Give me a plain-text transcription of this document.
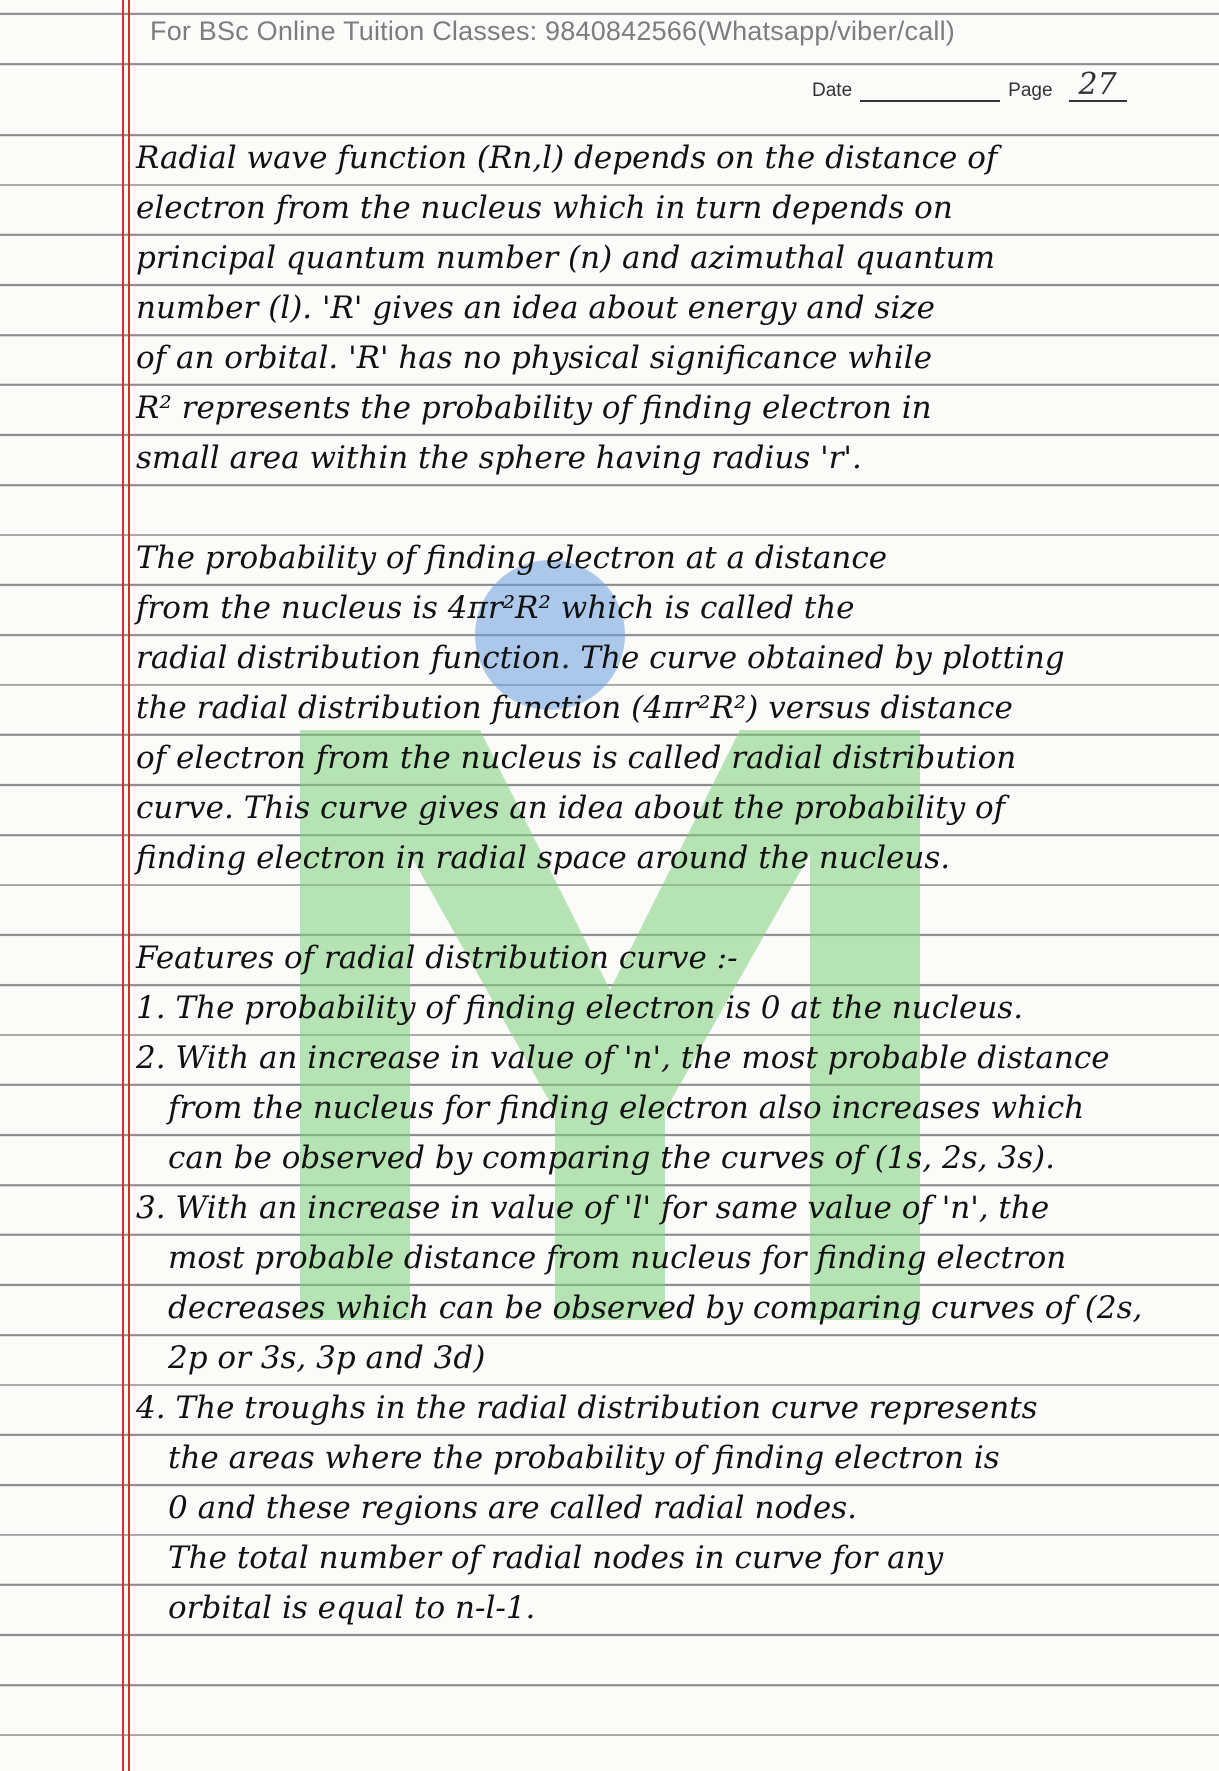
For BSc Online Tuition Classes: 9840842566(Whatsapp/viber/call)
Date	Page 27
Radial wave function (Rn,l) depends on the distance of
electron from the nucleus which in turn depends on
principal quantum number (n) and azimuthal quantum
number (l). 'R' gives an idea about energy and size
of an orbital. 'R' has no physical significance while
R² represents the probability of finding electron in
small area within the sphere having radius 'r'.
The probability of finding electron at a distance
from the nucleus is 4πr²R² which is called the
radial distribution function. The curve obtained by plotting
the radial distribution function (4πr²R²) versus distance
of electron from the nucleus is called radial distribution
curve. This curve gives an idea about the probability of
finding electron in radial space around the nucleus.
Features of radial distribution curve :-
1. The probability of finding electron is 0 at the nucleus.
2. With an increase in value of 'n', the most probable distance
from the nucleus for finding electron also increases which
can be observed by comparing the curves of (1s, 2s, 3s).
3. With an increase in value of 'l' for same value of 'n', the
most probable distance from nucleus for finding electron
decreases which can be observed by comparing curves of (2s,
2p or 3s, 3p and 3d)
4. The troughs in the radial distribution curve represents
the areas where the probability of finding electron is
0 and these regions are called radial nodes.
The total number of radial nodes in curve for any
orbital is equal to n-l-1.
